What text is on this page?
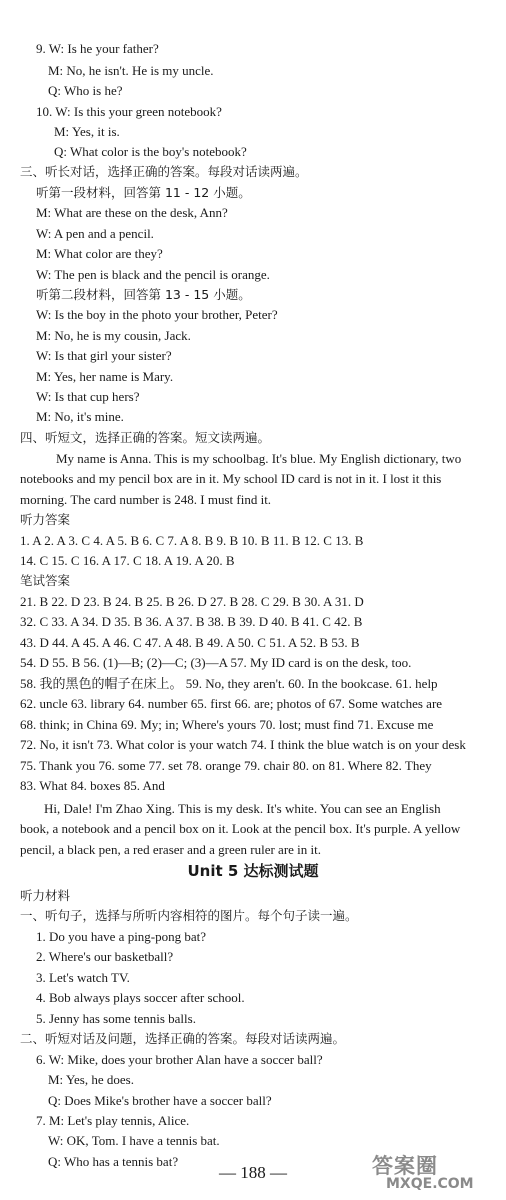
9. W: Is he your father?
M: No, he isn't. He is my uncle.
Q: Who is he?
10. W: Is this your green notebook?
M: Yes, it is.
Q: What color is the boy's notebook?
三、听长对话，选择正确的答案。每段对话读两遍。
听第一段材料，回答第 11 - 12 小题。
M: What are these on the desk, Ann?
W: A pen and a pencil.
M: What color are they?
W: The pen is black and the pencil is orange.
听第二段材料，回答第 13 - 15 小题。
W: Is the boy in the photo your brother, Peter?
M: No, he is my cousin, Jack.
W: Is that girl your sister?
M: Yes, her name is Mary.
W: Is that cup hers?
M: No, it's mine.
四、听短文，选择正确的答案。短文读两遍。
My name is Anna. This is my schoolbag. It's blue. My English dictionary, two
notebooks and my pencil box are in it. My school ID card is not in it. I lost it this
morning. The card number is 248. I must find it.
听力答案
1. A 2. A 3. C 4. A 5. B 6. C 7. A 8. B 9. B 10. B 11. B 12. C 13. B
14. C 15. C 16. A 17. C 18. A 19. A 20. B
笔试答案
21. B 22. D 23. B 24. B 25. B 26. D 27. B 28. C 29. B 30. A 31. D
32. C 33. A 34. D 35. B 36. A 37. B 38. B 39. D 40. B 41. C 42. B
43. D 44. A 45. A 46. C 47. A 48. B 49. A 50. C 51. A 52. B 53. B
54. D 55. B 56. (1)—B; (2)—C; (3)—A 57. My ID card is on the desk, too.
58. 我的黑色的帽子在床上。 59. No, they aren't. 60. In the bookcase. 61. help
62. uncle 63. library 64. number 65. first 66. are; photos of 67. Some watches are
68. think; in China 69. My; in; Where's yours 70. lost; must find 71. Excuse me
72. No, it isn't 73. What color is your watch 74. I think the blue watch is on your desk
75. Thank you 76. some 77. set 78. orange 79. chair 80. on 81. Where 82. They
83. What 84. boxes 85. And
Hi, Dale! I'm Zhao Xing. This is my desk. It's white. You can see an English
book, a notebook and a pencil box on it. Look at the pencil box. It's purple. A yellow
pencil, a black pen, a red eraser and a green ruler are in it.
听力材料
一、听句子，选择与所听内容相符的图片。每个句子读一遍。
1. Do you have a ping-pong bat?
2. Where's our basketball?
3. Let's watch TV.
4. Bob always plays soccer after school.
5. Jenny has some tennis balls.
二、听短对话及问题，选择正确的答案。每段对话读两遍。
6. W: Mike, does your brother Alan have a soccer ball?
M: Yes, he does.
Q: Does Mike's brother have a soccer ball?
7. M: Let's play tennis, Alice.
W: OK, Tom. I have a tennis bat.
Q: Who has a tennis bat?
Unit 5 达标测试题
— 188 —	答案圈
MXQE.COM
